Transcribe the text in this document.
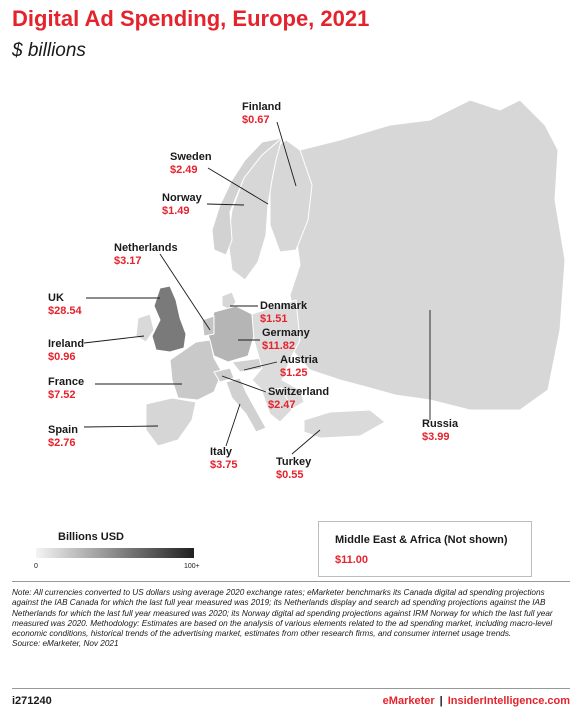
Digital Ad Spending, Europe, 2021
$ billions
Finland
$0.67
Sweden
$2.49
Norway
$1.49
Netherlands
$3.17
UK
$28.54	Denmark
$1.51
Germany
$11.82
Ireland
$0.96	Austria
$1.25
France
$7.52	Switzerland
$2.47
Russia
$3.99
Spain
$2.76
Italy
$3.75	Turkey
$0.55
Billions USD
0	100+
Middle East & Africa (Not shown)
$11.00
Note: All currencies converted to US dollars using average 2020 exchange rates; eMarketer benchmarks its Canada digital ad spending projections against the IAB Canada for which the last full year measured was 2019; its Netherlands display and search ad spending projections against the IAB Netherlands for which the last full year measured was 2020; its Norway digital ad spending projections against IRM Norway for which the last full year measured was 2020. Methodology: Estimates are based on the analysis of various elements related to the ad spending market, including macro-level economic conditions, historical trends of the advertising market, estimates from other research firms, and consumer internet usage trends.
Source: eMarketer, Nov 2021
i271240	eMarketer | InsiderIntelligence.com
